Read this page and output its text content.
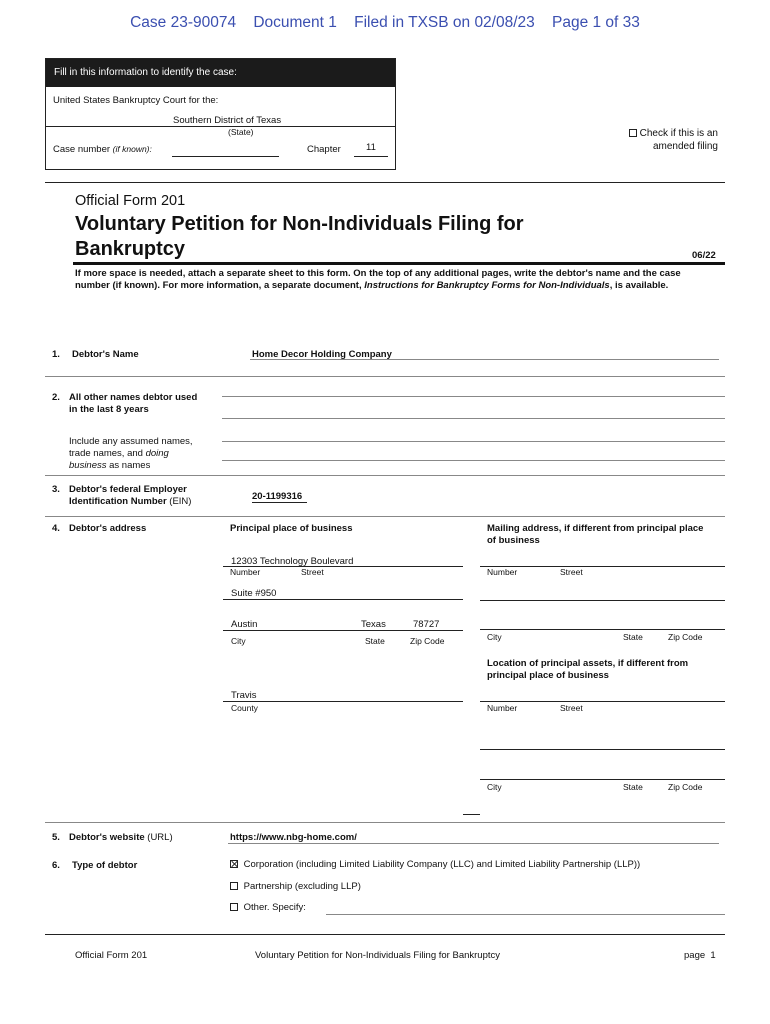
Case 23-90074    Document 1    Filed in TXSB on 02/08/23    Page 1 of 33
Fill in this information to identify the case:
United States Bankruptcy Court for the:
Southern District of Texas
(State)
Case number (if known):	Chapter	11
Check if this is an
amended filing
Official Form 201
Voluntary Petition for Non-Individuals Filing for
Bankruptcy	06/22
If more space is needed, attach a separate sheet to this form. On the top of any additional pages, write the debtor's name and the case number (if known). For more information, a separate document, Instructions for Bankruptcy Forms for Non-Individuals, is available.
1. Debtor's Name	Home Decor Holding Company
2. All other names debtor used
in the last 8 years
Include any assumed names,
trade names, and doing
business as names
3. Debtor's federal Employer
Identification Number (EIN)	20-1199316
4. Debtor's address	Principal place of business	Mailing address, if different from principal place
of business
12303 Technology Boulevard
Number	Street
Suite #950
Austin	Texas	78727
City	State	Zip Code
Travis
County
Number	Street
City	State	Zip Code
Location of principal assets, if different from
principal place of business
Number	Street
City	State	Zip Code
5. Debtor's website (URL)	https://www.nbg-home.com/
6. Type of debtor	Corporation (including Limited Liability Company (LLC) and Limited Liability Partnership (LLP))
Partnership (excluding LLP)
Other. Specify:
Official Form 201	Voluntary Petition for Non-Individuals Filing for Bankruptcy	page  1
